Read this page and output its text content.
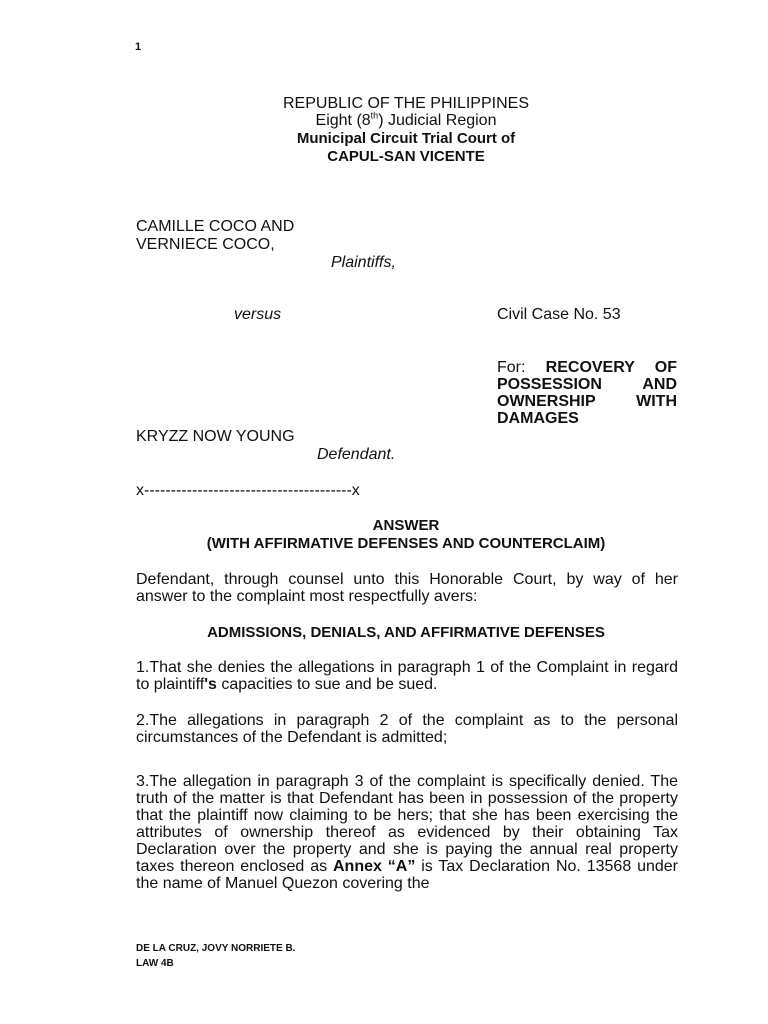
1
REPUBLIC OF THE PHILIPPINES
Eight (8th) Judicial Region
Municipal Circuit Trial Court of
CAPUL-SAN VICENTE
CAMILLE COCO AND
VERNIECE COCO,
Plaintiffs,
versus	Civil Case No. 53
For: RECOVERY OF POSSESSION AND OWNERSHIP WITH DAMAGES
KRYZZ NOW YOUNG
Defendant.
x---------------------------------------x
ANSWER
(WITH AFFIRMATIVE DEFENSES AND COUNTERCLAIM)
Defendant, through counsel unto this Honorable Court, by way of her answer to the complaint most respectfully avers:
ADMISSIONS, DENIALS, AND AFFIRMATIVE DEFENSES
1.That she denies the allegations in paragraph 1 of the Complaint in regard to plaintiff's capacities to sue and be sued.
2.The allegations in paragraph 2 of the complaint as to the personal circumstances of the Defendant is admitted;
3.The allegation in paragraph 3 of the complaint is specifically denied. The truth of the matter is that Defendant has been in possession of the property that the plaintiff now claiming to be hers; that she has been exercising the attributes of ownership thereof as evidenced by their obtaining Tax Declaration over the property and she is paying the annual real property taxes thereon enclosed as Annex “A” is Tax Declaration No. 13568 under the name of Manuel Quezon covering the
DE LA CRUZ, JOVY NORRIETE B.
LAW 4B
